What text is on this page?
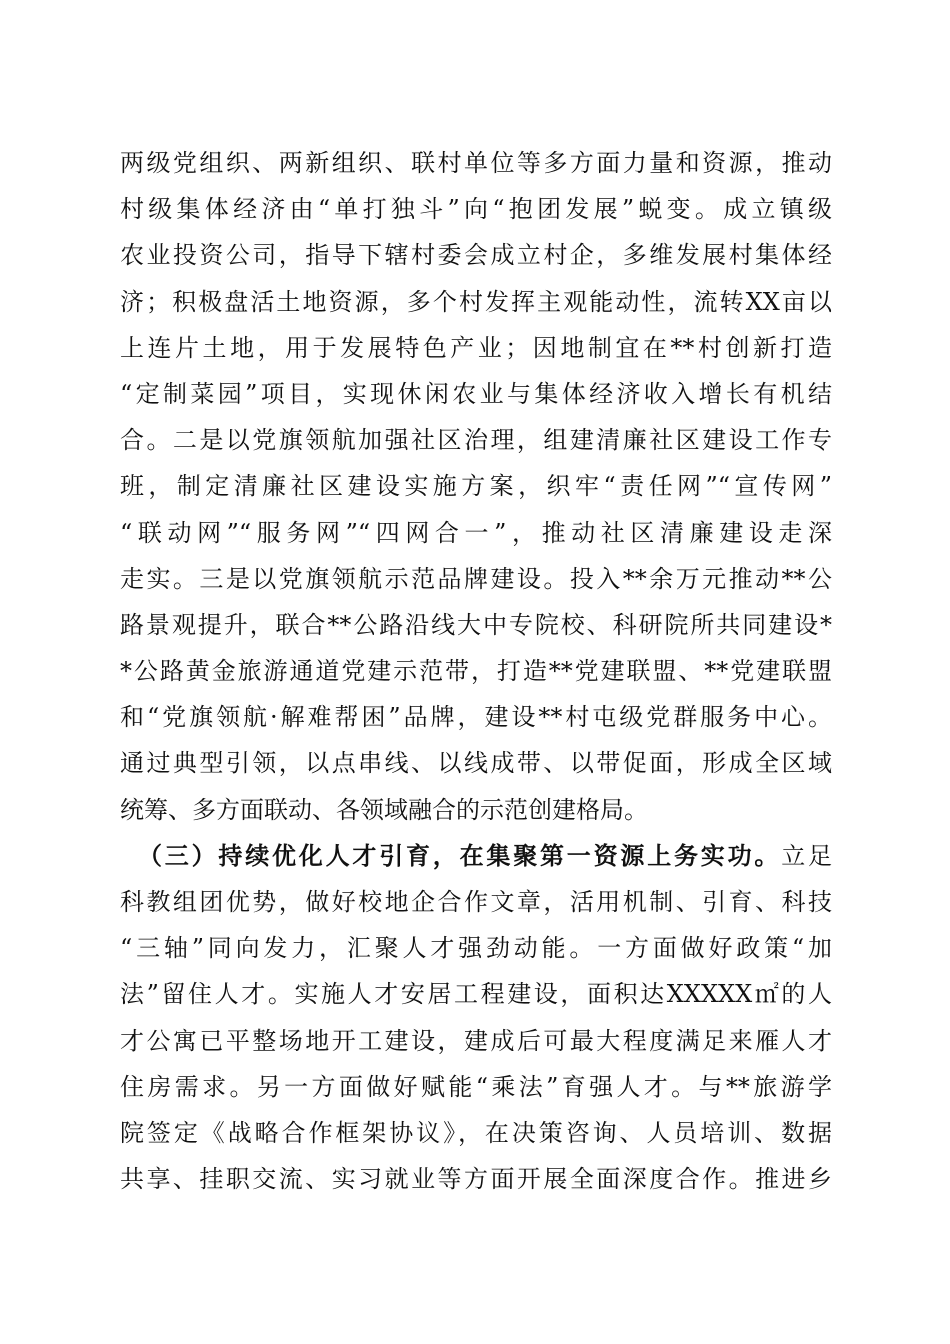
两级党组织、两新组织、联村单位等多方面力量和资源，推动
村级集体经济由“单打独斗”向“抱团发展”蜕变。成立镇级
农业投资公司，指导下辖村委会成立村企，多维发展村集体经
济；积极盘活土地资源，多个村发挥主观能动性，流转XX亩以
上连片土地，用于发展特色产业；因地制宜在**村创新打造
“定制菜园”项目，实现休闲农业与集体经济收入增长有机结
合。二是以党旗领航加强社区治理，组建清廉社区建设工作专
班，制定清廉社区建设实施方案，织牢“责任网”“宣传网”
“联动网”“服务网”“四网合一”，推动社区清廉建设走深
走实。三是以党旗领航示范品牌建设。投入**余万元推动**公
路景观提升，联合**公路沿线大中专院校、科研院所共同建设*
*公路黄金旅游通道党建示范带，打造**党建联盟、**党建联盟
和“党旗领航·解难帮困”品牌，建设**村屯级党群服务中心。
通过典型引领，以点串线、以线成带、以带促面，形成全区域
统筹、多方面联动、各领域融合的示范创建格局。
（三）持续优化人才引育，在集聚第一资源上务实功。立足
科教组团优势，做好校地企合作文章，活用机制、引育、科技
“三轴”同向发力，汇聚人才强劲动能。一方面做好政策“加
法”留住人才。实施人才安居工程建设，面积达XXXXX㎡的人
才公寓已平整场地开工建设，建成后可最大程度满足来雁人才
住房需求。另一方面做好赋能“乘法”育强人才。与**旅游学
院签定《战略合作框架协议》，在决策咨询、人员培训、数据
共享、挂职交流、实习就业等方面开展全面深度合作。推进乡
